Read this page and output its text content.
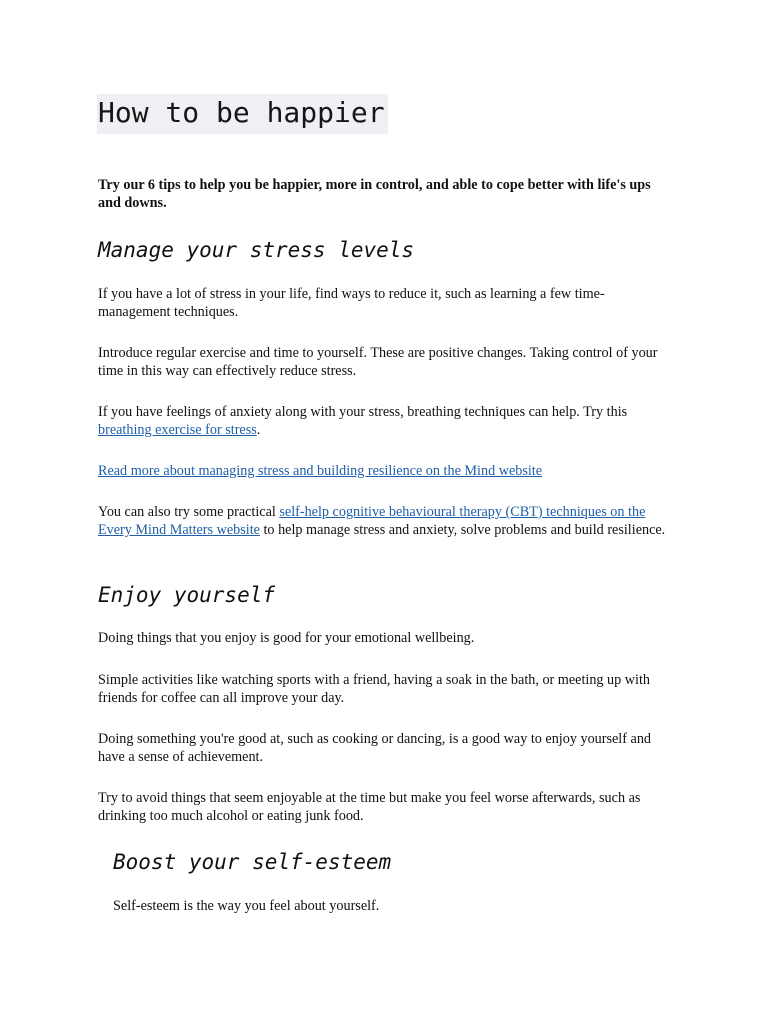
How to be happier

Try our 6 tips to help you be happier, more in control, and able to cope better with life's ups and downs.

Manage your stress levels

If you have a lot of stress in your life, find ways to reduce it, such as learning a few time-management techniques.

Introduce regular exercise and time to yourself. These are positive changes. Taking control of your time in this way can effectively reduce stress.

If you have feelings of anxiety along with your stress, breathing techniques can help. Try this breathing exercise for stress.

Read more about managing stress and building resilience on the Mind website

You can also try some practical self-help cognitive behavioural therapy (CBT) techniques on the Every Mind Matters website to help manage stress and anxiety, solve problems and build resilience.

Enjoy yourself

Doing things that you enjoy is good for your emotional wellbeing.

Simple activities like watching sports with a friend, having a soak in the bath, or meeting up with friends for coffee can all improve your day.

Doing something you're good at, such as cooking or dancing, is a good way to enjoy yourself and have a sense of achievement.

Try to avoid things that seem enjoyable at the time but make you feel worse afterwards, such as drinking too much alcohol or eating junk food.

Boost your self-esteem

Self-esteem is the way you feel about yourself.
